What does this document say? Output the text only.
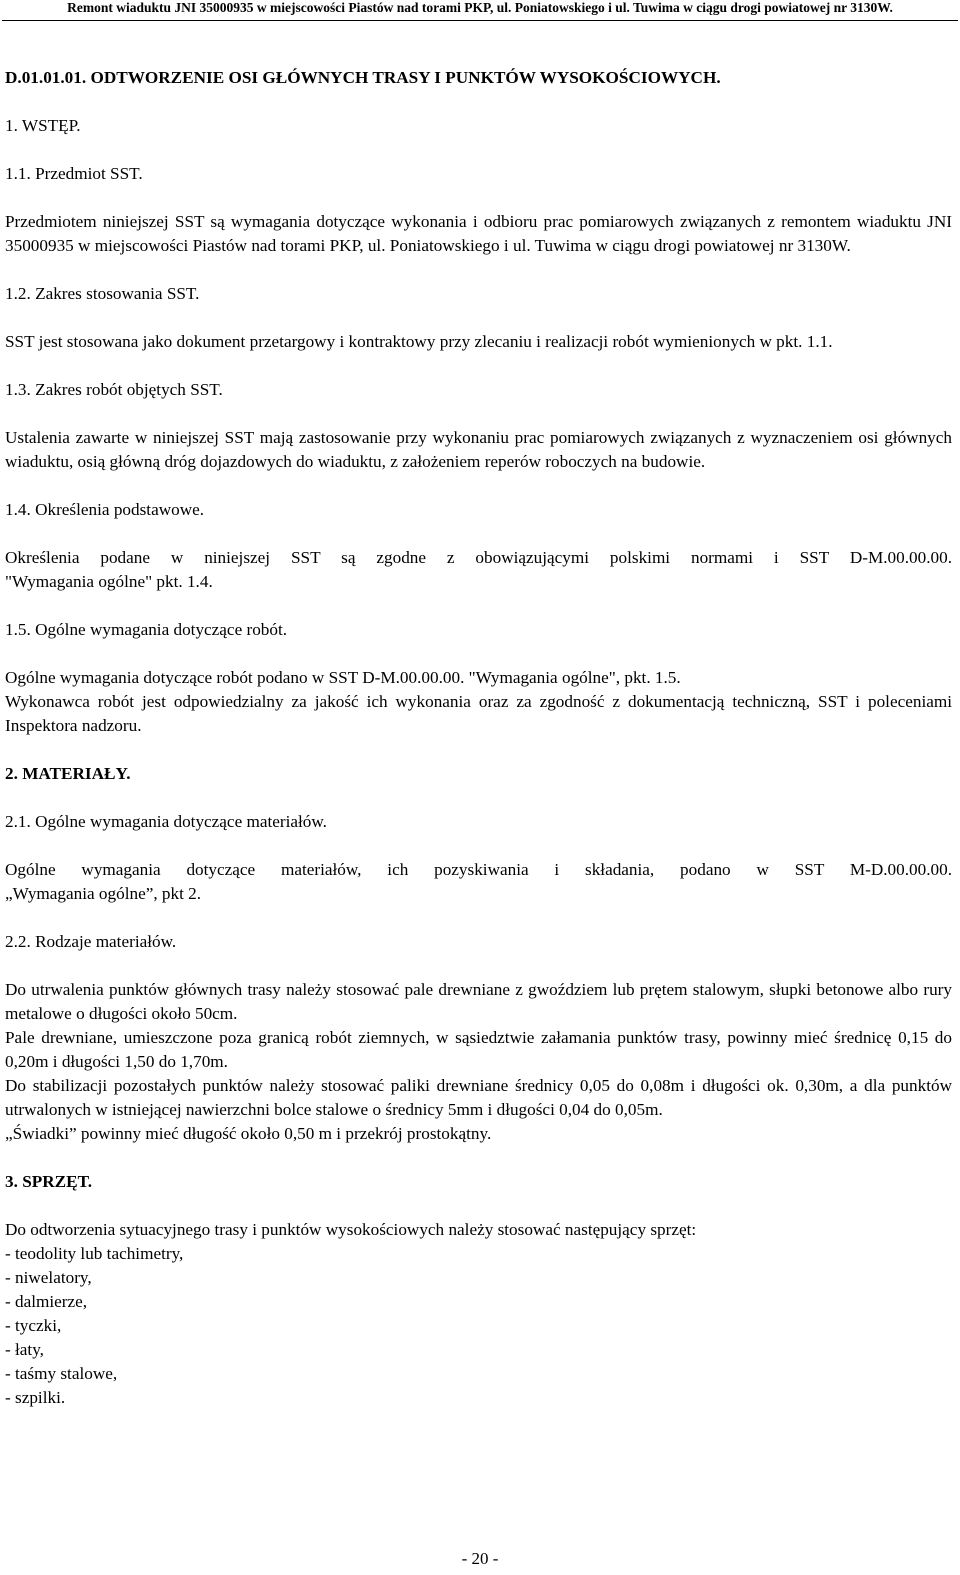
Remont wiaduktu JNI 35000935 w miejscowości Piastów nad torami PKP, ul. Poniatowskiego i ul. Tuwima w ciągu drogi powiatowej nr 3130W.

D.01.01.01. ODTWORZENIE OSI GŁÓWNYCH TRASY I PUNKTÓW WYSOKOŚCIOWYCH.

1. WSTĘP.

1.1. Przedmiot SST.

Przedmiotem niniejszej SST są wymagania dotyczące wykonania i odbioru prac pomiarowych związanych z remontem wiaduktu JNI 35000935 w miejscowości Piastów nad torami PKP, ul. Poniatowskiego i ul. Tuwima w ciągu drogi powiatowej nr 3130W.

1.2. Zakres stosowania SST.

SST jest stosowana jako dokument przetargowy i kontraktowy przy zlecaniu i realizacji robót wymienionych w pkt. 1.1.

1.3. Zakres robót objętych SST.

Ustalenia zawarte w niniejszej SST mają zastosowanie przy wykonaniu prac pomiarowych związanych z wyznaczeniem osi głównych wiaduktu, osią główną dróg dojazdowych do wiaduktu, z założeniem reperów roboczych na budowie.

1.4. Określenia podstawowe.

Określenia podane w niniejszej SST są zgodne z obowiązującymi polskimi normami i SST D-M.00.00.00.

"Wymagania ogólne" pkt. 1.4.

1.5. Ogólne wymagania dotyczące robót.

Ogólne wymagania dotyczące robót podano w SST D-M.00.00.00. "Wymagania ogólne", pkt. 1.5.

Wykonawca robót jest odpowiedzialny za jakość ich wykonania oraz za zgodność z dokumentacją techniczną, SST i poleceniami Inspektora nadzoru.

2. MATERIAŁY.

2.1. Ogólne wymagania dotyczące materiałów.

Ogólne wymagania dotyczące materiałów, ich pozyskiwania i składania, podano w SST M-D.00.00.00.

„Wymagania ogólne”, pkt 2.

2.2. Rodzaje materiałów.

Do utrwalenia punktów głównych trasy należy stosować pale drewniane z gwoździem lub prętem stalowym, słupki betonowe albo rury metalowe o długości około 50cm.

Pale drewniane, umieszczone poza granicą robót ziemnych, w sąsiedztwie załamania punktów trasy, powinny mieć średnicę 0,15 do 0,20m i długości 1,50 do 1,70m.

Do stabilizacji pozostałych punktów należy stosować paliki drewniane średnicy 0,05 do 0,08m i długości ok. 0,30m, a dla punktów utrwalonych w istniejącej nawierzchni bolce stalowe o średnicy 5mm i długości 0,04 do 0,05m.

„Świadki” powinny mieć długość około 0,50 m i przekrój prostokątny.

3. SPRZĘT.

Do odtworzenia sytuacyjnego trasy i punktów wysokościowych należy stosować następujący sprzęt:

- teodolity lub tachimetry,
- niwelatory,
- dalmierze,
- tyczki,
- łaty,
- taśmy stalowe,
- szpilki.
- 20 -
